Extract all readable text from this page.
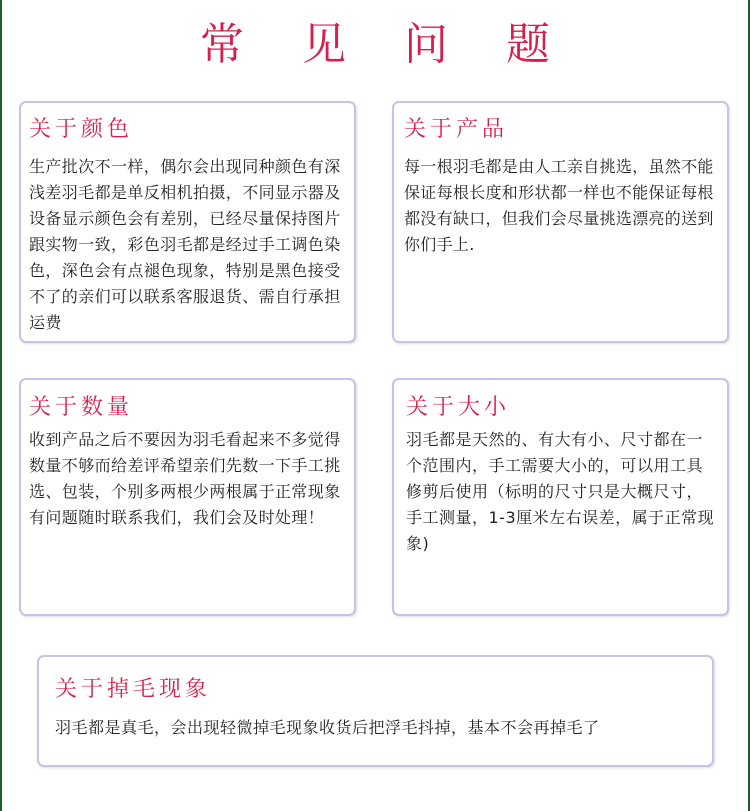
常 见 问 题
关于颜色

生产批次不一样，偶尔会出现同种颜色有深浅差羽毛都是单反相机拍摄，不同显示器及设备显示颜色会有差别，已经尽量保持图片跟实物一致，彩色羽毛都是经过手工调色染色，深色会有点褪色现象，特别是黑色接受不了的亲们可以联系客服退货、需自行承担运费

关于产品

每一根羽毛都是由人工亲自挑选，虽然不能保证每根长度和形状都一样也不能保证每根都没有缺口，但我们会尽量挑选漂亮的送到你们手上.

关于数量

收到产品之后不要因为羽毛看起来不多觉得数量不够而给差评希望亲们先数一下手工挑选、包装，个别多两根少两根属于正常现象有问题随时联系我们，我们会及时处理！

关于大小

羽毛都是天然的、有大有小、尺寸都在一个范围内，手工需要大小的，可以用工具修剪后使用（标明的尺寸只是大概尺寸，手工测量，1-3厘米左右误差，属于正常现象)

关于掉毛现象

羽毛都是真毛，会出现轻微掉毛现象收货后把浮毛抖掉，基本不会再掉毛了
